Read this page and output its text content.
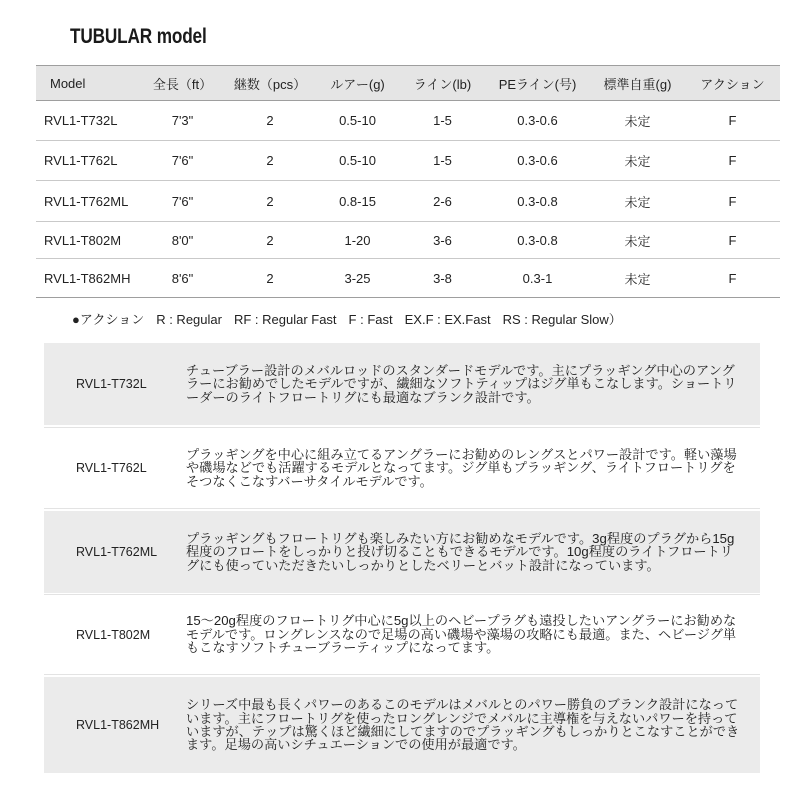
TUBULAR model
Model	全長（ft）	継数（pcs）	ルアー(g)	ライン(lb)	PEライン(号)	標準自重(g)	アクション
RVL1-T732L	7'3"	2	0.5-10	1-5	0.3-0.6	未定	F
RVL1-T762L	7'6"	2	0.5-10	1-5	0.3-0.6	未定	F
RVL1-T762ML	7'6"	2	0.8-15	2-6	0.3-0.8	未定	F
RVL1-T802M	8'0"	2	1-20	3-6	0.3-0.8	未定	F
RVL1-T862MH	8'6"	2	3-25	3-8	0.3-1	未定	F
●アクション R : Regular RF : Regular Fast F : Fast EX.F : EX.Fast RS : Regular Slow）
RVL1-T732L
チューブラー設計のメバルロッドのスタンダードモデルです。主にプラッギング中心のアング
ラーにお勧めでしたモデルですが、繊細なソフトティップはジグ単もこなします。ショートリ
ーダーのライトフロートリグにも最適なブランク設計です。
RVL1-T762L
プラッギングを中心に組み立てるアングラーにお勧めのレングスとパワー設計です。軽い藻場
や磯場などでも活躍するモデルとなってます。ジグ単もプラッギング、ライトフロートリグを
そつなくこなすバーサタイルモデルです。
RVL1-T762ML
プラッギングもフロートリグも楽しみたい方にお勧めなモデルです。3g程度のプラグから15g
程度のフロートをしっかりと投げ切ることもできるモデルです。10g程度のライトフロートリ
グにも使っていただきたいしっかりとしたベリーとバット設計になっています。
RVL1-T802M
15～20g程度のフロートリグ中心に5g以上のヘビープラグも遠投したいアングラーにお勧めな
モデルです。ロングレンスなので足場の高い磯場や藻場の攻略にも最適。また、ヘビージグ単
もこなすソフトチューブラーティップになってます。
RVL1-T862MH
シリーズ中最も長くパワーのあるこのモデルはメバルとのパワー勝負のブランク設計になって
います。主にフロートリグを使ったロングレンジでメバルに主導権を与えないパワーを持って
いますが、テップは驚くほど繊細にしてますのでプラッギングもしっかりとこなすことができ
ます。足場の高いシチュエーションでの使用が最適です。
